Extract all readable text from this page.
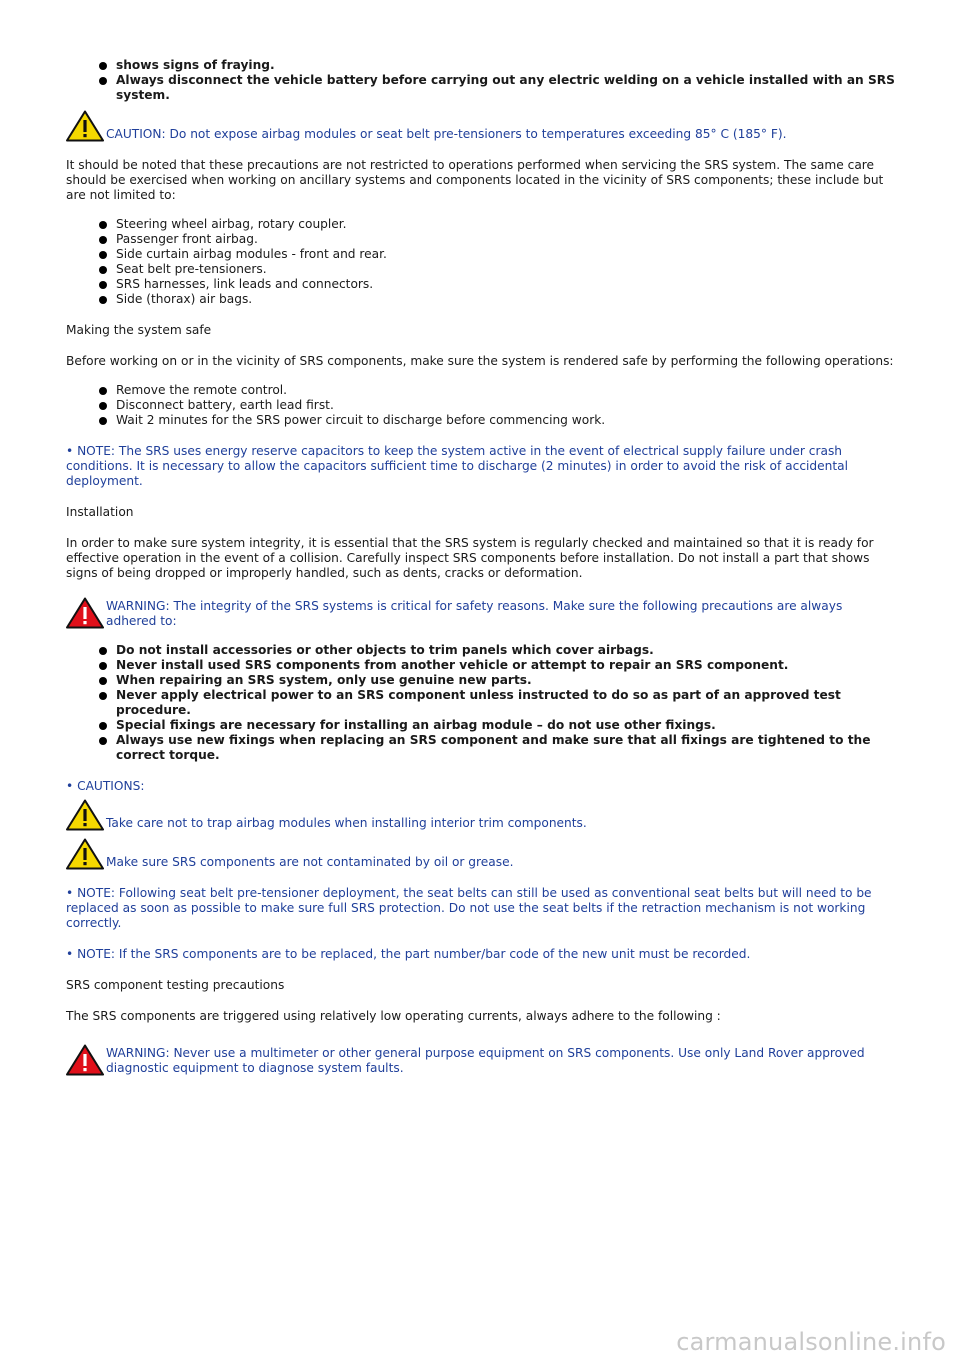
shows signs of fraying.
Always disconnect the vehicle battery before carrying out any electric welding on a vehicle installed with an SRS system.
CAUTION: Do not expose airbag modules or seat belt pre-tensioners to temperatures exceeding 85° C (185° F).

It should be noted that these precautions are not restricted to operations performed when servicing the SRS system. The same care should be exercised when working on ancillary systems and components located in the vicinity of SRS components; these include but are not limited to:

Steering wheel airbag, rotary coupler.
Passenger front airbag.
Side curtain airbag modules - front and rear.
Seat belt pre-tensioners.
SRS harnesses, link leads and connectors.
Side (thorax) air bags.

Making the system safe

Before working on or in the vicinity of SRS components, make sure the system is rendered safe by performing the following operations:

Remove the remote control.
Disconnect battery, earth lead first.
Wait 2 minutes for the SRS power circuit to discharge before commencing work.

• NOTE: The SRS uses energy reserve capacitors to keep the system active in the event of electrical supply failure under crash conditions. It is necessary to allow the capacitors sufficient time to discharge (2 minutes) in order to avoid the risk of accidental deployment.

Installation

In order to make sure system integrity, it is essential that the SRS system is regularly checked and maintained so that it is ready for effective operation in the event of a collision. Carefully inspect SRS components before installation. Do not install a part that shows signs of being dropped or improperly handled, such as dents, cracks or deformation.

WARNING: The integrity of the SRS systems is critical for safety reasons. Make sure the following precautions are always adhered to:
Do not install accessories or other objects to trim panels which cover airbags.
Never install used SRS components from another vehicle or attempt to repair an SRS component.
When repairing an SRS system, only use genuine new parts.
Never apply electrical power to an SRS component unless instructed to do so as part of an approved test procedure.
Special fixings are necessary for installing an airbag module – do not use other fixings.
Always use new fixings when replacing an SRS component and make sure that all fixings are tightened to the correct torque.

• CAUTIONS:

Take care not to trap airbag modules when installing interior trim components.
Make sure SRS components are not contaminated by oil or grease.

• NOTE: Following seat belt pre-tensioner deployment, the seat belts can still be used as conventional seat belts but will need to be replaced as soon as possible to make sure full SRS protection. Do not use the seat belts if the retraction mechanism is not working correctly.

• NOTE: If the SRS components are to be replaced, the part number/bar code of the new unit must be recorded.

SRS component testing precautions

The SRS components are triggered using relatively low operating currents, always adhere to the following :

WARNING: Never use a multimeter or other general purpose equipment on SRS components. Use only Land Rover approved diagnostic equipment to diagnose system faults.
carmanualsonline.info
